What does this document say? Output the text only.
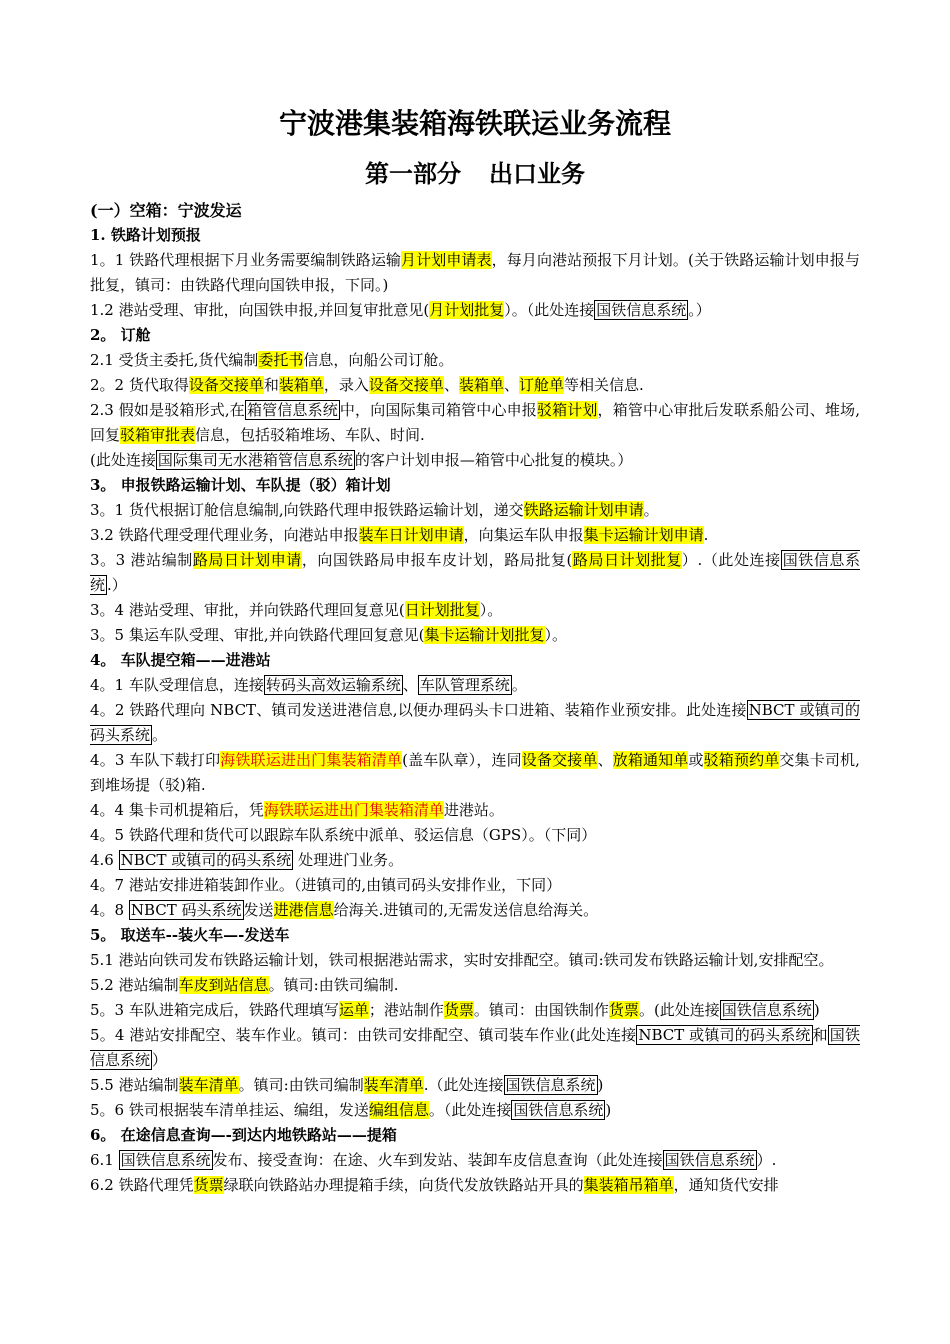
宁波港集装箱海铁联运业务流程
第一部分 出口业务

(一）空箱：宁波发运

1. 铁路计划预报

1。1 铁路代理根据下月业务需要编制铁路运输月计划申请表，每月向港站预报下月计划。(关于铁路运输计划申报与批复，镇司：由铁路代理向国铁申报，下同。)

1.2 港站受理、审批，向国铁申报,并回复审批意见(月计划批复）。（此处连接 国铁信息系统 。）

2。 订舱

2.1 受货主委托,货代编制委托书信息，向船公司订舱。

2。2 货代取得设备交接单和装箱单，录入设备交接单、装箱单、订舱单等相关信息.

2.3 假如是驳箱形式,在 箱管信息系统 中，向国际集司箱管中心申报驳箱计划，箱管中心审批后发联系船公司、堆场,回复驳箱审批表信息，包括驳箱堆场、车队、时间.

(此处连接 国际集司无水港箱管信息系统 的客户计划申报—箱管中心批复的模块。）

3。 申报铁路运输计划、车队提（驳）箱计划

3。1 货代根据订舱信息编制,向铁路代理申报铁路运输计划，递交铁路运输计划申请。

3.2 铁路代理受理代理业务，向港站申报装车日计划申请，向集运车队申报集卡运输计划申请.

3。3 港站编制路局日计划申请，向国铁路局申报车皮计划，路局批复(路局日计划批复）.（此处连接 国铁信息系统 .）

3。4 港站受理、审批，并向铁路代理回复意见(日计划批复）。

3。5 集运车队受理、审批,并向铁路代理回复意见(集卡运输计划批复）。

4。 车队提空箱——进港站

4。1 车队受理信息，连接 转码头高效运输系统 、 车队管理系统 。

4。2 铁路代理向 NBCT、镇司发送进港信息,以便办理码头卡口进箱、装箱作业预安排。此处连接 NBCT 或镇司的码头系统 。

4。3 车队下载打印海铁联运进出门集装箱清单(盖车队章），连同设备交接单、放箱通知单或驳箱预约单交集卡司机,到堆场提（驳)箱.

4。4 集卡司机提箱后，凭海铁联运进出门集装箱清单进港站。

4。5 铁路代理和货代可以跟踪车队系统中派单、驳运信息（GPS）。（下同）

4.6 NBCT 或镇司的码头系统 处理进门业务。

4。7 港站安排进箱装卸作业。（进镇司的,由镇司码头安排作业，下同）

4。8 NBCT 码头系统 发送进港信息给海关.进镇司的,无需发送信息给海关。

5。 取送车--装火车—-发送车

5.1 港站向铁司发布铁路运输计划，铁司根据港站需求，实时安排配空。镇司:铁司发布铁路运输计划,安排配空。

5.2 港站编制车皮到站信息。镇司:由铁司编制.

5。3 车队进箱完成后，铁路代理填写运单；港站制作货票。镇司：由国铁制作货票。(此处连接 国铁信息系统 )

5。4 港站安排配空、装车作业。镇司：由铁司安排配空、镇司装车作业(此处连接 NBCT 或镇司的码头系统 和 国铁信息系统 ）

5.5 港站编制装车清单。镇司:由铁司编制装车清单.（此处连接 国铁信息系统 )

5。6 铁司根据装车清单挂运、编组，发送编组信息。（此处连接 国铁信息系统 )

6。 在途信息查询—-到达内地铁路站——提箱

6.1 国铁信息系统 发布、接受查询：在途、火车到发站、装卸车皮信息查询（此处连接 国铁信息系统 ）.

6.2 铁路代理凭货票绿联向铁路站办理提箱手续，向货代发放铁路站开具的集装箱吊箱单，通知货代安排
